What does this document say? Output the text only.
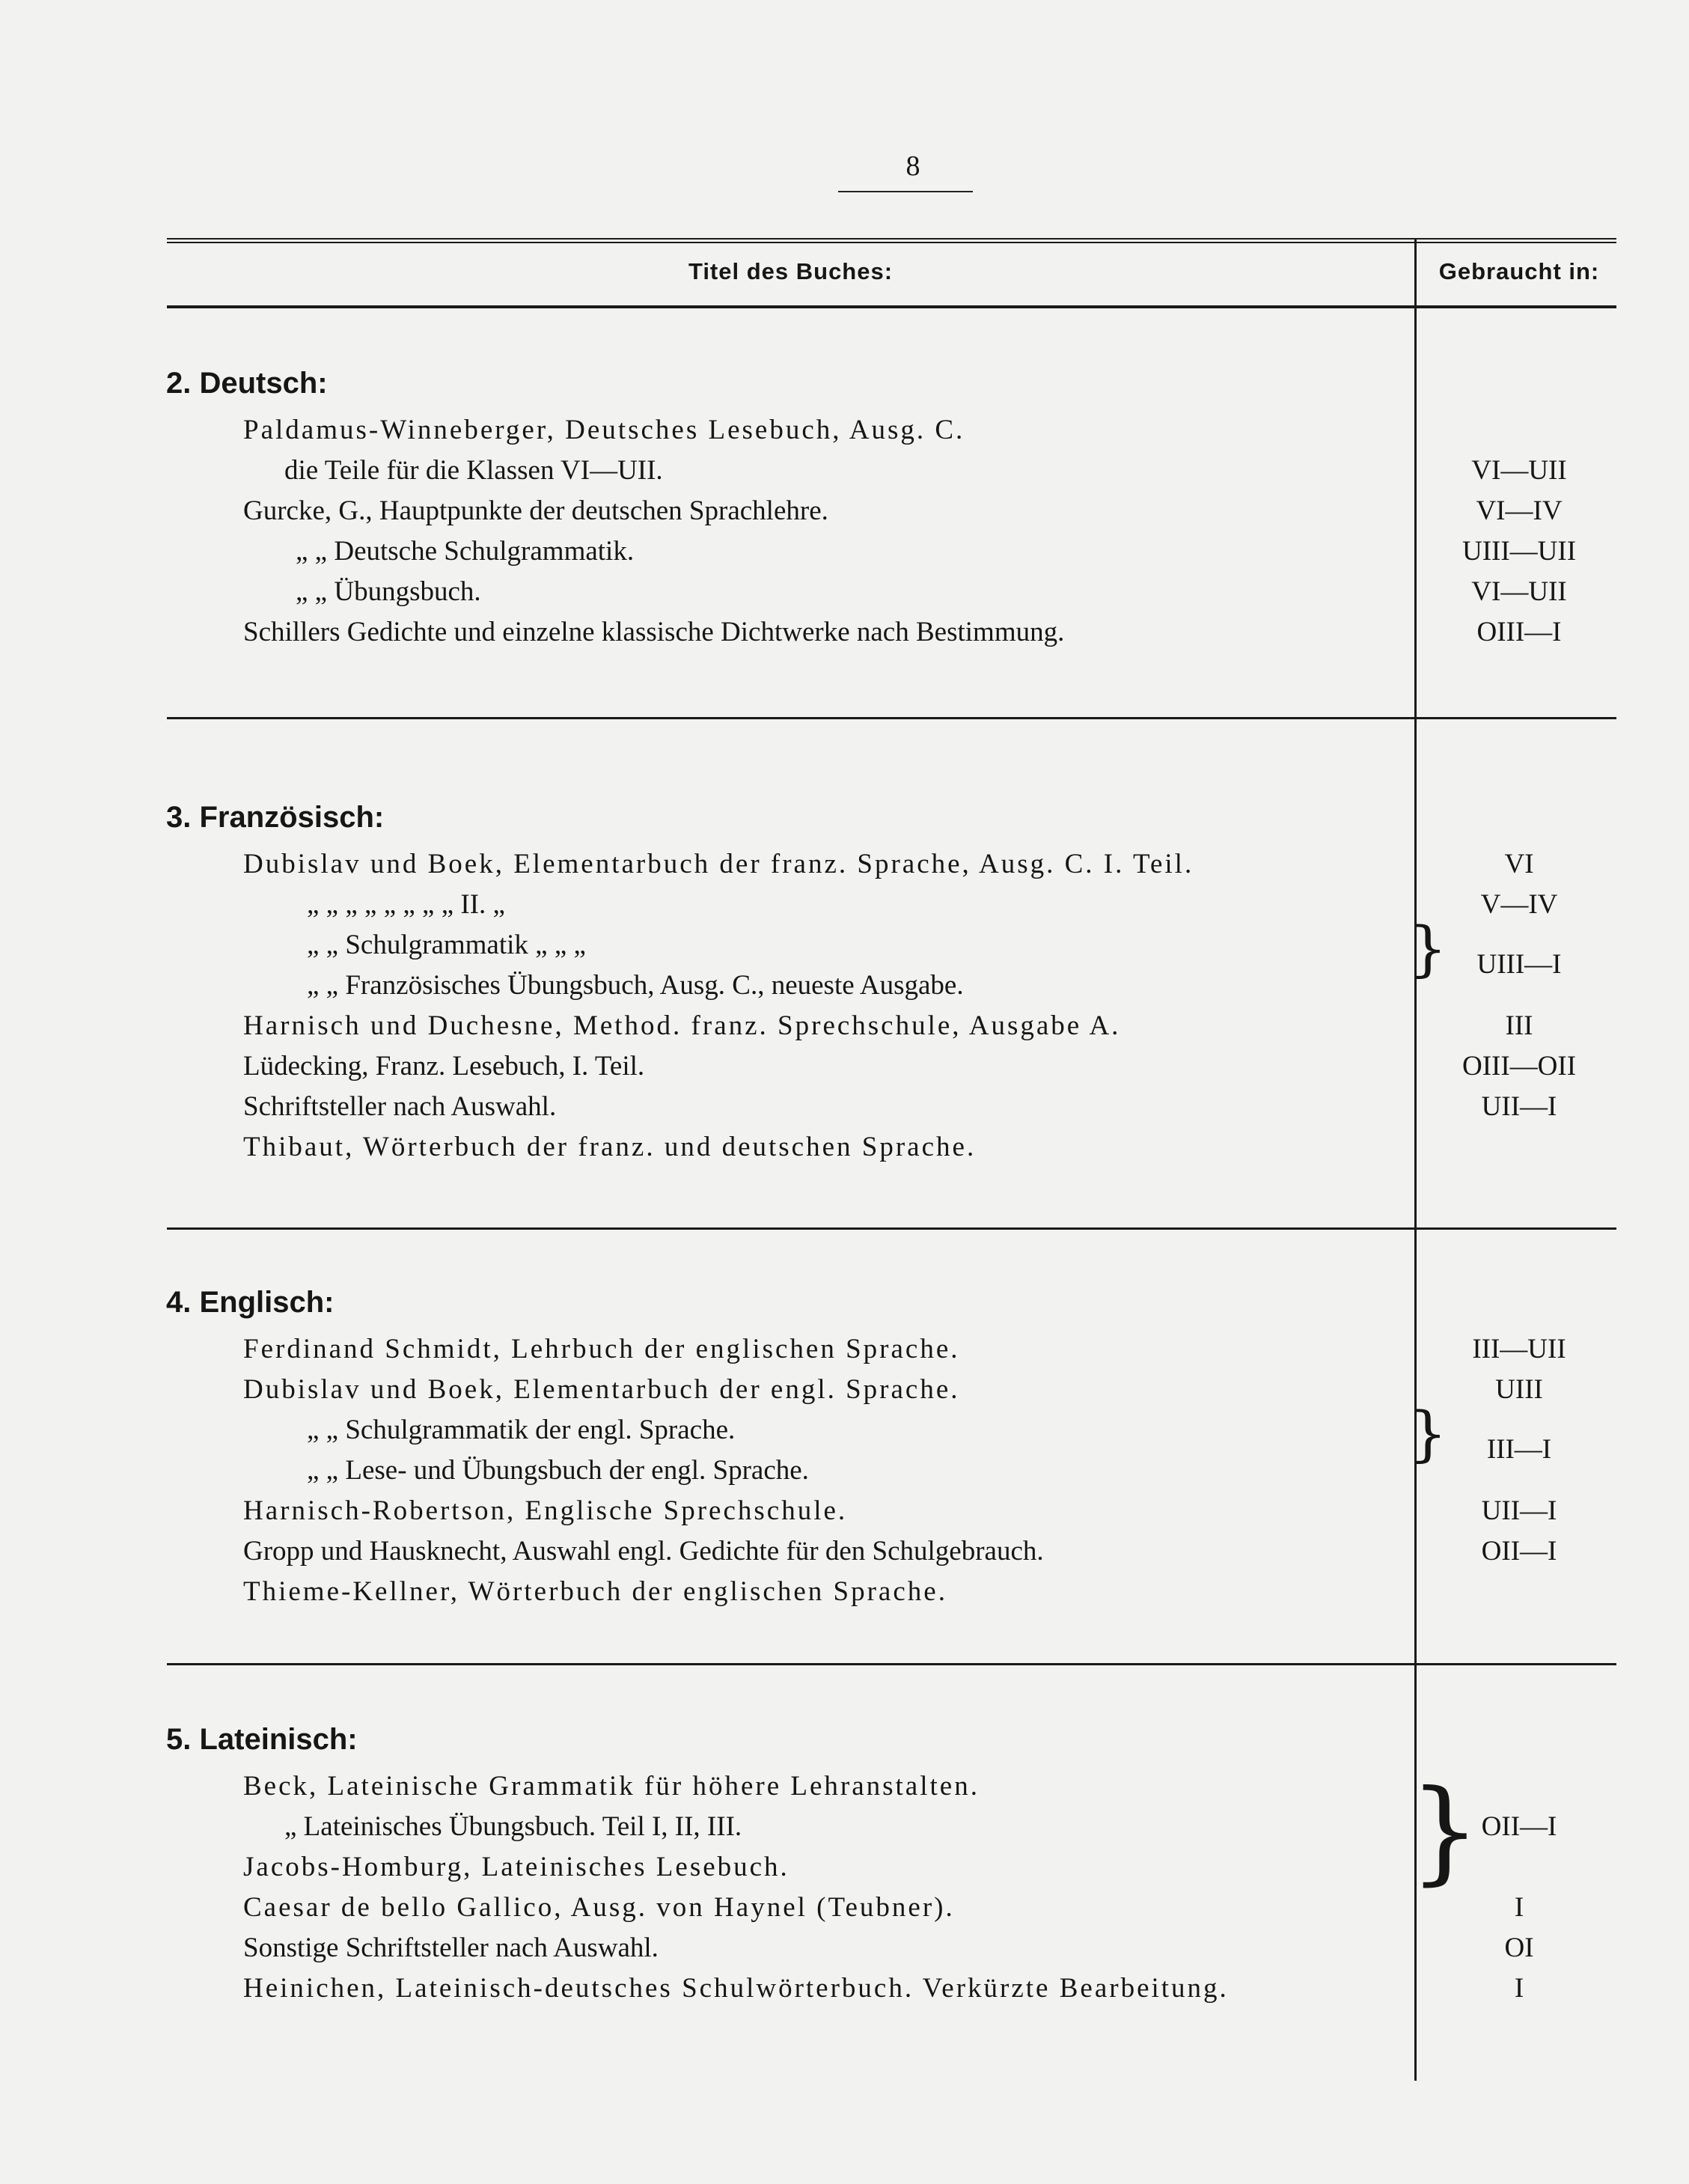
8
Titel des Buches:	Gebraucht in:
2. Deutsch:
Paldamus-Winneberger, Deutsches Lesebuch, Ausg. C.
die Teile für die Klassen VI—UII.	VI—UII
Gurcke, G., Hauptpunkte der deutschen Sprachlehre.	VI—IV
„ „ Deutsche Schulgrammatik.	UIII—UII
„ „ Übungsbuch.	VI—UII
Schillers Gedichte und einzelne klassische Dichtwerke nach Bestimmung.	OIII—I
3. Französisch:
Dubislav und Boek, Elementarbuch der franz. Sprache, Ausg. C. I. Teil.	VI
„ „ „ „ „ „ „ „ II. „	V—IV
„ „ Schulgrammatik „ „ „
„ „ Französisches Übungsbuch, Ausg. C., neueste Ausgabe.
}	UIII—I
Harnisch und Duchesne, Method. franz. Sprechschule, Ausgabe A.	III
Lüdecking, Franz. Lesebuch, I. Teil.	OIII—OII
Schriftsteller nach Auswahl.	UII—I
Thibaut, Wörterbuch der franz. und deutschen Sprache.
4. Englisch:
Ferdinand Schmidt, Lehrbuch der englischen Sprache.	III—UII
Dubislav und Boek, Elementarbuch der engl. Sprache.	UIII
„ „ Schulgrammatik der engl. Sprache.
„ „ Lese- und Übungsbuch der engl. Sprache.
}	III—I
Harnisch-Robertson, Englische Sprechschule.	UII—I
Gropp und Hausknecht, Auswahl engl. Gedichte für den Schulgebrauch.	OII—I
Thieme-Kellner, Wörterbuch der englischen Sprache.
5. Lateinisch:
Beck, Lateinische Grammatik für höhere Lehranstalten.
„ Lateinisches Übungsbuch. Teil I, II, III.
Jacobs-Homburg, Lateinisches Lesebuch.	} OII—I
Caesar de bello Gallico, Ausg. von Haynel (Teubner).	I
Sonstige Schriftsteller nach Auswahl.	OI
Heinichen, Lateinisch-deutsches Schulwörterbuch. Verkürzte Bearbeitung.	I
